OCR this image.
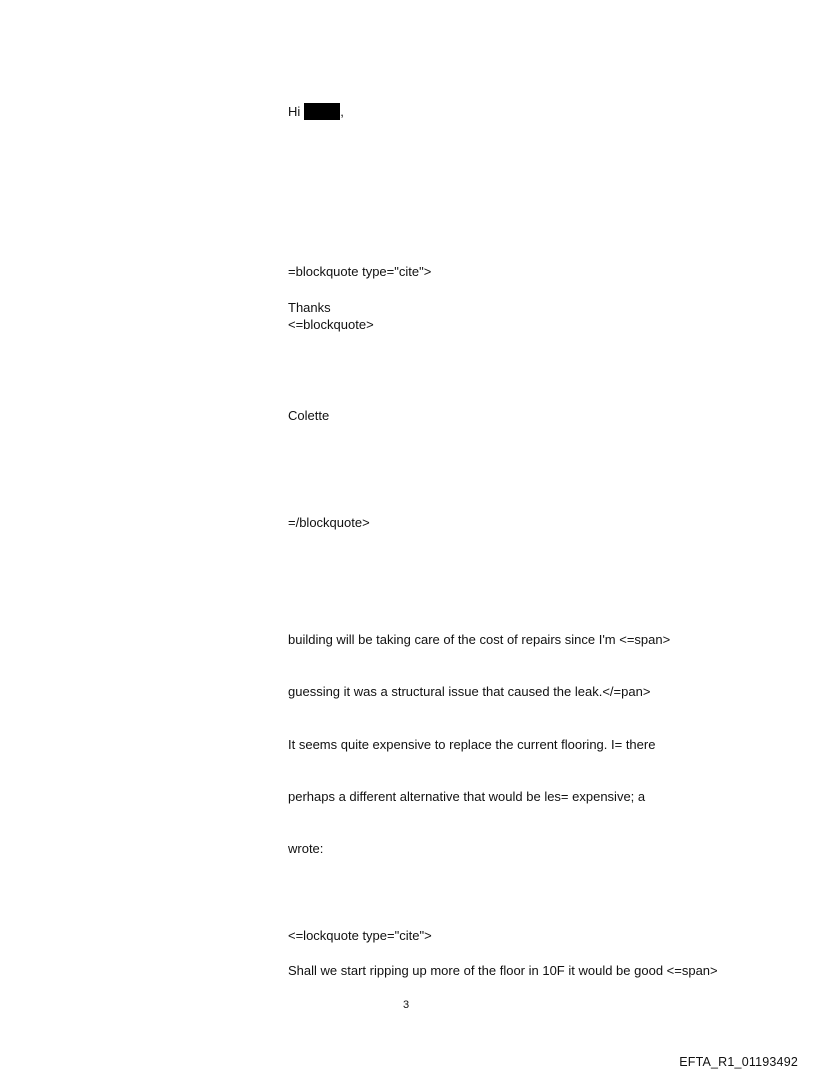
Hi	,
=blockquote type="cite">
Thanks
<=blockquote>
Colette
=/blockquote>
building will be taking care of the cost of repairs since I'm <=span>
guessing it was a structural issue that caused the leak.</=pan>
It seems quite expensive to replace the current flooring. I= there
perhaps a different alternative that would be les= expensive; a
wrote:
<=lockquote type="cite">
Shall we start ripping up more of the floor in 10F it would be good <=span>
3
EFTA_R1_01193492
